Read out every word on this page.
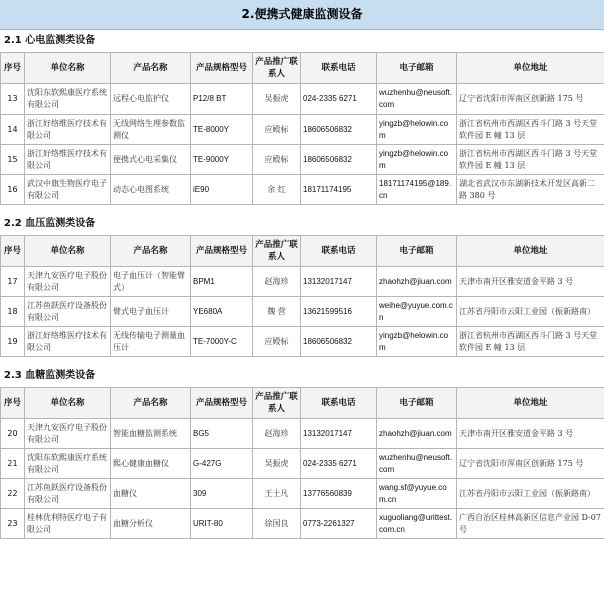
2.便携式健康监测设备
2.1 心电监测类设备
序号	单位名称	产品名称	产品规格型号	产品推广联系人	联系电话	电子邮箱	单位地址
13	沈阳东软熙康医疗系统有限公司	远程心电监护仪	P12/8 BT	吴振虎	024-2335 6271	wuzhenhu@neusoft.com	辽宁省沈阳市浑南区创新路 175 号
14	浙江好络维医疗技术有限公司	无线网络生理参数监测仪	TE-8000Y	应殿标	18606506832	yingzb@helowin.com	浙江省杭州市西湖区西斗门路 3 号天堂软件园 E 幢 13 层
15	浙江好络维医疗技术有限公司	便携式心电采集仪	TE-9000Y	应殿标	18606506832	yingzb@helowin.com	浙江省杭州市西湖区西斗门路 3 号天堂软件园 E 幢 13 层
16	武汉中旗生物医疗电子有限公司	动态心电图系统	iE90	余 红	18171174195	18171174195@189.cn	湖北省武汉市东湖新技术开发区高新二路 380 号
2.2 血压监测类设备
序号	单位名称	产品名称	产品规格型号	产品推广联系人	联系电话	电子邮箱	单位地址
17	天津九安医疗电子股份有限公司	电子血压计（智能臂式）	BPM1	赵海珍	13132017147	zhaohzh@jiuan.com	天津市南开区雅安道金平路 3 号
18	江苏鱼跃医疗设备股份有限公司	臂式电子血压计	YE680A	魏 营	13621599516	weihe@yuyue.com.cn	江苏省丹阳市云阳工业园（振新路南）
19	浙江好络维医疗技术有限公司	无线传输电子测量血压计	TE-7000Y-C	应殿标	18606506832	yingzb@helowin.com	浙江省杭州市西湖区西斗门路 3 号天堂软件园 E 幢 13 层
2.3 血糖监测类设备
序号	单位名称	产品名称	产品规格型号	产品推广联系人	联系电话	电子邮箱	单位地址
20	天津九安医疗电子股份有限公司	智能血糖监测系统	BG5	赵海珍	13132017147	zhaohzh@jiuan.com	天津市南开区雅安道金平路 3 号
21	沈阳东软熙康医疗系统有限公司	熙心健康血糖仪	G-427G	吴振虎	024-2335 6271	wuzhenhu@neusoft.com	辽宁省沈阳市浑南区创新路 175 号
22	江苏鱼跃医疗设备股份有限公司	血糖仪	309	王士凡	13776560839	wang.sf@yuyue.com.cn	江苏省丹阳市云阳工业园（振新路南）
23	桂林优利特医疗电子有限公司	血糖分析仪	URIT-80	徐国良	0773-2261327	xuguoliang@urittest.com.cn	广西自治区桂林高新区信息产业园 D-07 号
